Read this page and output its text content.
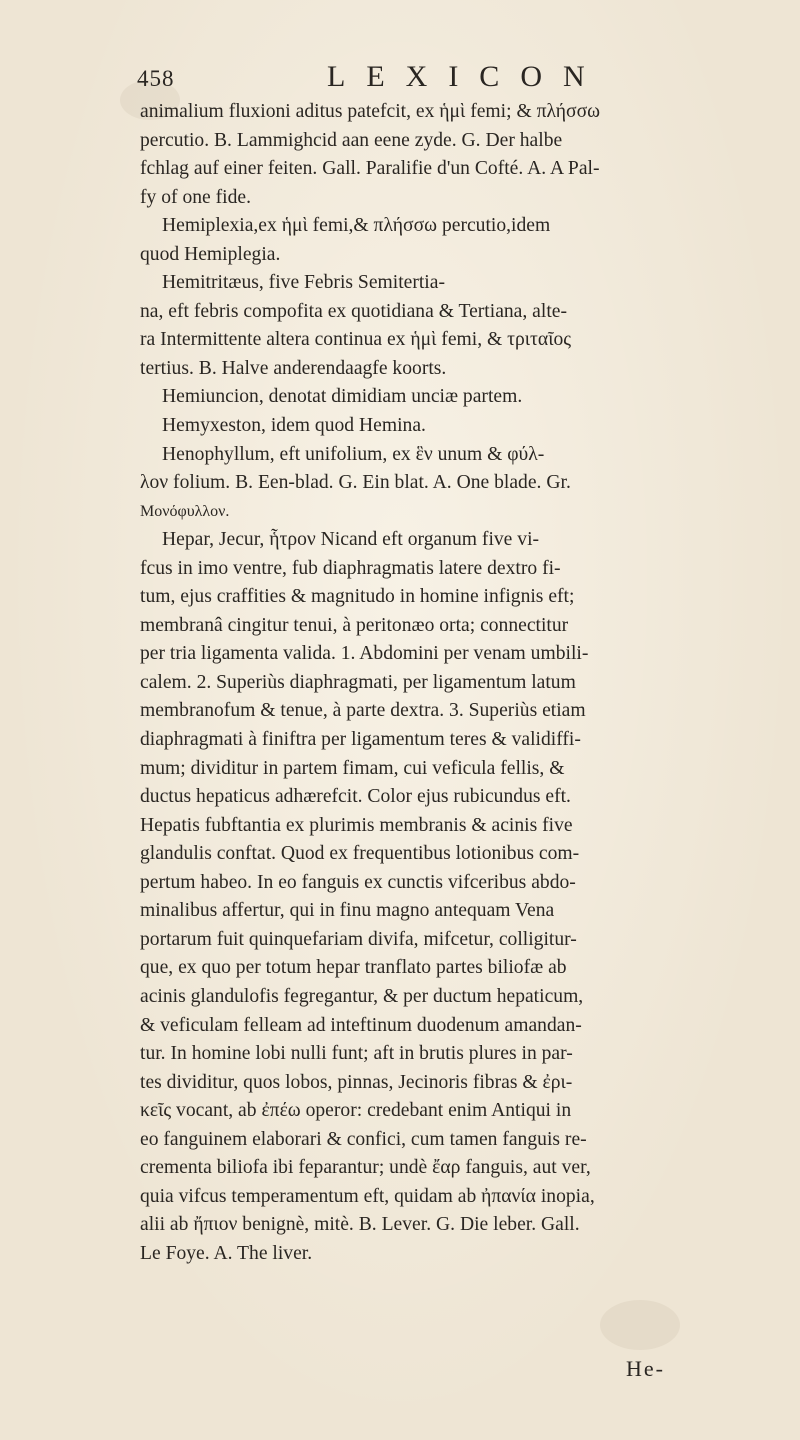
458	LEXICON
animalium fluxioni aditus patefcit, ex ἡμὶ femi; & πλήσσω
percutio. B. Lammighcid aan eene zyde. G. Der halbe
fchlag auf einer feiten. Gall. Paralifie d'un Cofté. A. A Pal-
fy of one fide.
Hemiplexia,ex ἡμὶ femi,& πλήσσω percutio,idem
quod Hemiplegia.
Hemitritæus, five Febris Semitertia-
na, eft febris compofita ex quotidiana & Tertiana, alte-
ra Intermittente altera continua ex ἡμὶ femi, & τριταῖος
tertius. B. Halve anderendaagfe koorts.
Hemiuncion, denotat dimidiam unciæ partem.
Hemyxeston, idem quod Hemina.
Henophyllum, eft unifolium, ex ἓν unum & φύλ-
λον folium. B. Een-blad. G. Ein blat. A. One blade. Gr.
Μονόφυλλον.
Hepar, Jecur, ἧτρον Nicand eft organum five vi-
fcus in imo ventre, fub diaphragmatis latere dextro fi-
tum, ejus craffities & magnitudo in homine infignis eft;
membranâ cingitur tenui, à peritonæo orta; connectitur
per tria ligamenta valida. 1. Abdomini per venam umbili-
calem. 2. Superiùs diaphragmati, per ligamentum latum
membranofum & tenue, à parte dextra. 3. Superiùs etiam
diaphragmati à finiftra per ligamentum teres & validiffi-
mum; dividitur in partem fimam, cui veficula fellis, &
ductus hepaticus adhærefcit. Color ejus rubicundus eft.
Hepatis fubftantia ex plurimis membranis & acinis five
glandulis conftat. Quod ex frequentibus lotionibus com-
pertum habeo. In eo fanguis ex cunctis vifceribus abdo-
minalibus affertur, qui in finu magno antequam Vena
portarum fuit quinquefariam divifa, mifcetur, colligitur-
que, ex quo per totum hepar tranflato partes biliofæ ab
acinis glandulofis fegregantur, & per ductum hepaticum,
& veficulam felleam ad inteftinum duodenum amandan-
tur. In homine lobi nulli funt; aft in brutis plures in par-
tes dividitur, quos lobos, pinnas, Jecinoris fibras & ἐρι-
κεῖς vocant, ab ἐπέω operor: credebant enim Antiqui in
eo fanguinem elaborari & confici, cum tamen fanguis re-
crementa biliofa ibi feparantur; undè ἔαρ fanguis, aut ver,
quia vifcus temperamentum eft, quidam ab ἠπανία inopia,
alii ab ἤπιον benignè, mitè. B. Lever. G. Die leber. Gall.
Le Foye. A. The liver.
He-
